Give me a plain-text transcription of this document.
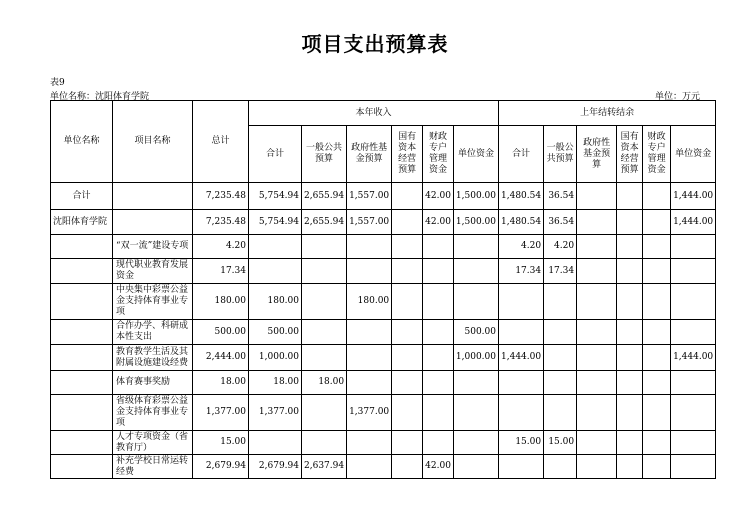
项目支出预算表
表9
单位名称：沈阳体育学院	单位：万元
单位名称	项目名称	总计	本年收入						上年结转结余					
			合计	一般公共预算	政府性基金预算	国有资本经营预算	财政专户管理资金	单位资金	合计	一般公共预算	政府性基金预算	国有资本经营预算	财政专户管理资金	单位资金
合计		7,235.48	5,754.94	2,655.94	1,557.00		42.00	1,500.00	1,480.54	36.54				1,444.00
沈阳体育学院		7,235.48	5,754.94	2,655.94	1,557.00		42.00	1,500.00	1,480.54	36.54				1,444.00
	“双一流”建设专项	4.20							4.20	4.20				
	现代职业教育发展资金	17.34							17.34	17.34				
	中央集中彩票公益金支持体育事业专项	180.00	180.00		180.00									
	合作办学、科研成本性支出	500.00	500.00					500.00						
	教育教学生活及其附属设施建设经费	2,444.00	1,000.00					1,000.00	1,444.00					1,444.00
	体育赛事奖励	18.00	18.00	18.00										
	省级体育彩票公益金支持体育事业专项	1,377.00	1,377.00		1,377.00									
	人才专项资金（省教育厅）	15.00							15.00	15.00				
	补充学校日常运转经费	2,679.94	2,679.94	2,637.94			42.00							
